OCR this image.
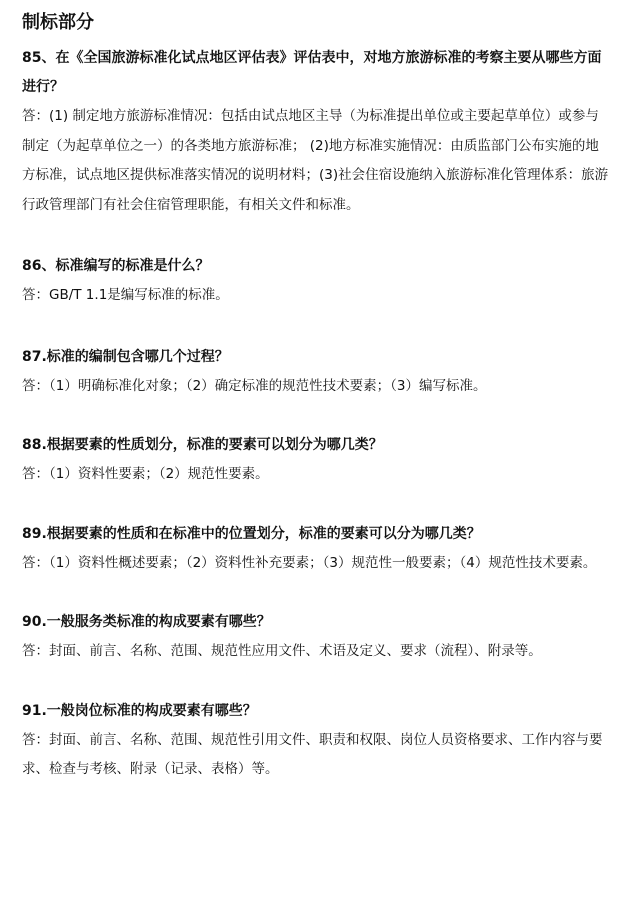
制标部分

85、在《全国旅游标准化试点地区评估表》评估表中，对地方旅游标准的考察主要从哪些方面进行？

答：(1) 制定地方旅游标准情况：包括由试点地区主导（为标准提出单位或主要起草单位）或参与制定（为起草单位之一）的各类地方旅游标准； (2)地方标准实施情况：由质监部门公布实施的地方标准，试点地区提供标准落实情况的说明材料；(3)社会住宿设施纳入旅游标准化管理体系：旅游行政管理部门有社会住宿管理职能，有相关文件和标准。

86、标准编写的标准是什么？

答：GB/T 1.1是编写标准的标准。

87.标准的编制包含哪几个过程？

答：（1）明确标准化对象；（2）确定标准的规范性技术要素；（3）编写标准。

88.根据要素的性质划分，标准的要素可以划分为哪几类？

答：（1）资料性要素；（2）规范性要素。

89.根据要素的性质和在标准中的位置划分，标准的要素可以分为哪几类？

答：（1）资料性概述要素；（2）资料性补充要素；（3）规范性一般要素；（4）规范性技术要素。

90.一般服务类标准的构成要素有哪些？

答：封面、前言、名称、范围、规范性应用文件、术语及定义、要求（流程）、附录等。

91.一般岗位标准的构成要素有哪些？

答：封面、前言、名称、范围、规范性引用文件、职责和权限、岗位人员资格要求、工作内容与要求、检查与考核、附录（记录、表格）等。
